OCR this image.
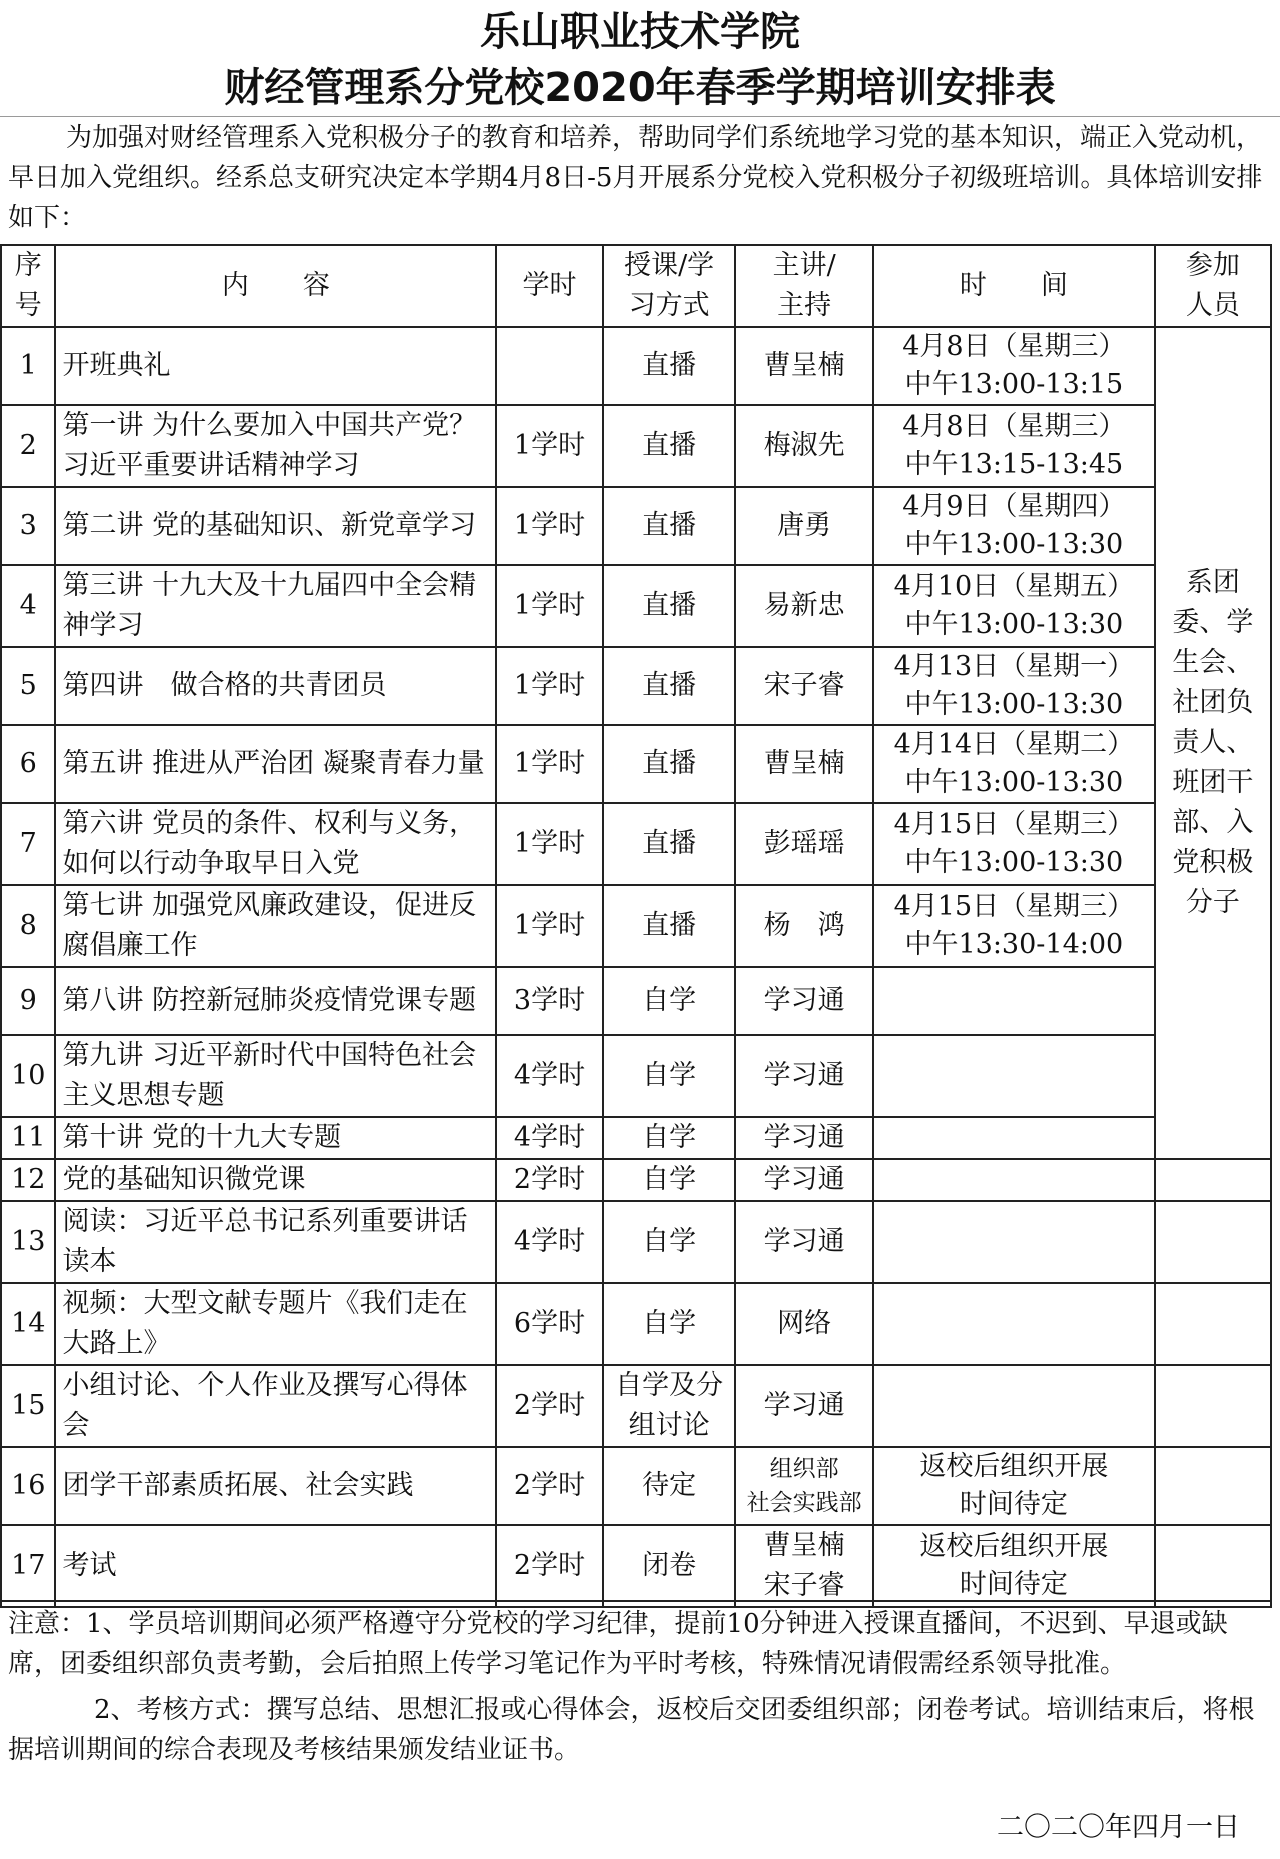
乐山职业技术学院
财经管理系分党校2020年春季学期培训安排表

为加强对财经管理系入党积极分子的教育和培养，帮助同学们系统地学习党的基本知识，端正入党动机，早日加入党组织。经系总支研究决定本学期4月8日-5月开展系分党校入党积极分子初级班培训。具体培训安排如下：

序
号	内　　容	学时	授课/学
习方式	主讲/
主持	时　　间	参加
人员

1	开班典礼		直播	曹呈楠	4月8日（星期三）
中午13:00-13:15	系团委、学生会、社团负责人、班团干部、入党积极分子
2	第一讲 为什么要加入中国共产党？习近平重要讲话精神学习	1学时	直播	梅淑先	4月8日（星期三）
中午13:15-13:45	

3	第二讲 党的基础知识、新党章学习	1学时	直播	唐勇	4月9日（星期四）
中午13:00-13:30	

4	第三讲 十九大及十九届四中全会精神学习	1学时	直播	易新忠	4月10日（星期五）
中午13:00-13:30	

5	第四讲　做合格的共青团员	1学时	直播	宋子睿	4月13日（星期一）
中午13:00-13:30	

6	第五讲 推进从严治团 凝聚青春力量	1学时	直播	曹呈楠	4月14日（星期二）
中午13:00-13:30	

7	第六讲 党员的条件、权利与义务，如何以行动争取早日入党	1学时	直播	彭瑶瑶	4月15日（星期三）
中午13:00-13:30	

8	第七讲 加强党风廉政建设，促进反腐倡廉工作	1学时	直播	杨　鸿	4月15日（星期三）
中午13:30-14:00	

9	第八讲 防控新冠肺炎疫情党课专题	3学时	自学	学习通		

10	第九讲 习近平新时代中国特色社会主义思想专题	4学时	自学	学习通		

11	第十讲 党的十九大专题	4学时	自学	学习通		

12	党的基础知识微党课	2学时	自学	学习通		

13	阅读：习近平总书记系列重要讲话读本	4学时	自学	学习通		

14	视频：大型文献专题片《我们走在大路上》	6学时	自学	网络		

15	小组讨论、个人作业及撰写心得体会	2学时	自学及分组讨论	学习通		

16	团学干部素质拓展、社会实践	2学时	待定	组织部
社会实践部	返校后组织开展
时间待定	

17	考试	2学时	闭卷	曹呈楠
宋子睿	返校后组织开展
时间待定	

注意：1、学员培训期间必须严格遵守分党校的学习纪律，提前10分钟进入授课直播间，不迟到、早退或缺席，团委组织部负责考勤，会后拍照上传学习笔记作为平时考核，特殊情况请假需经系领导批准。

2、考核方式：撰写总结、思想汇报或心得体会，返校后交团委组织部；闭卷考试。培训结束后，将根据培训期间的综合表现及考核结果颁发结业证书。

二〇二〇年四月一日
